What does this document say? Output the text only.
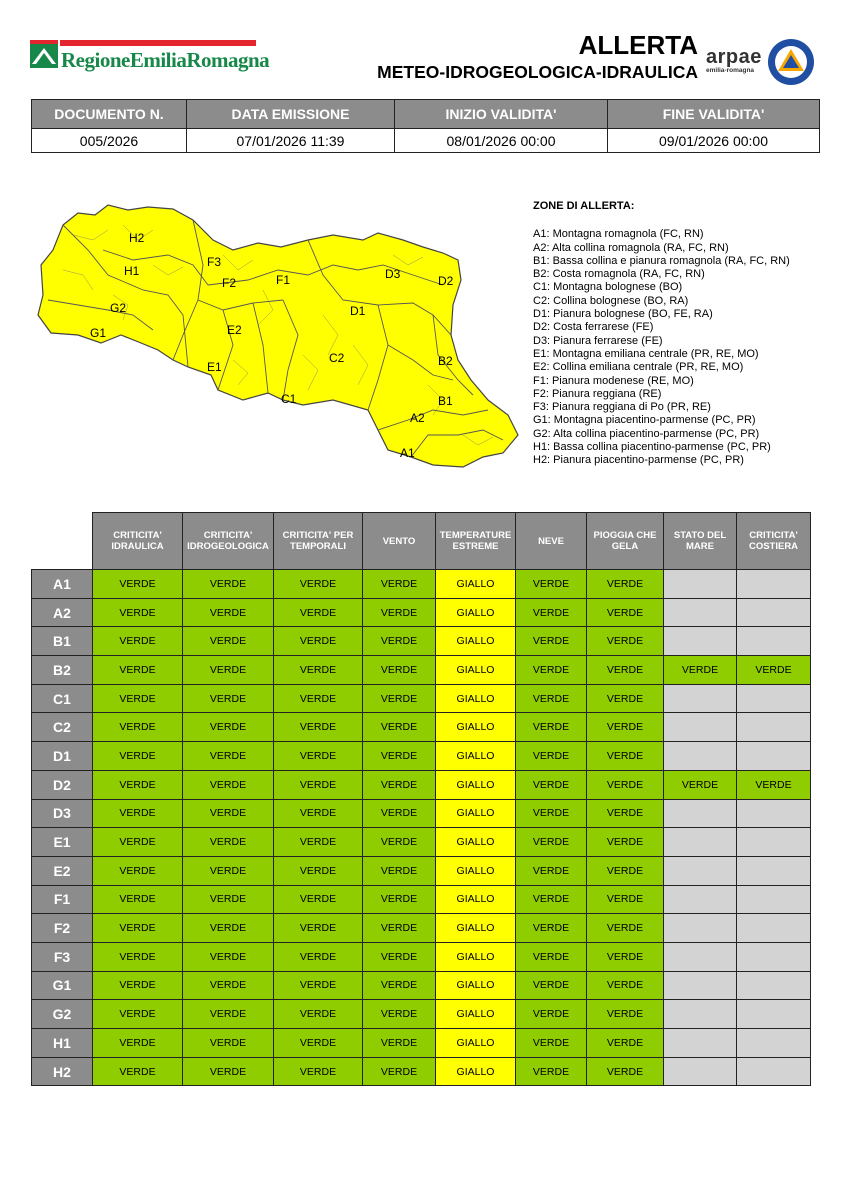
RegioneEmiliaRomagna	ALLERTA
METEO-IDROGEOLOGICA-IDRAULICA
arpae
emilia-romagna
DOCUMENTO N.	DATA EMISSIONE	INIZIO VALIDITA'	FINE VALIDITA'
005/2026	07/01/2026 11:39	08/01/2026 00:00	09/01/2026 00:00
H2
H1
G2
G1
F3
F2	F1
E2
E1
D3	D2
D1
C2
C1
B2
B1
A2
A1
ZONE DI ALLERTA:
A1: Montagna romagnola (FC, RN)
A2: Alta collina romagnola (RA, FC, RN)
B1: Bassa collina e pianura romagnola (RA, FC, RN)
B2: Costa romagnola (RA, FC, RN)
C1: Montagna bolognese (BO)
C2: Collina bolognese (BO, RA)
D1: Pianura bolognese (BO, FE, RA)
D2: Costa ferrarese (FE)
D3: Pianura ferrarese (FE)
E1: Montagna emiliana centrale (PR, RE, MO)
E2: Collina emiliana centrale (PR, RE, MO)
F1: Pianura modenese (RE, MO)
F2: Pianura reggiana (RE)
F3: Pianura reggiana di Po (PR, RE)
G1: Montagna piacentino-parmense (PC, PR)
G2: Alta collina piacentino-parmense (PC, PR)
H1: Bassa collina piacentino-parmense (PC, PR)
H2: Pianura piacentino-parmense (PC, PR)
	CRITICITA' IDRAULICA	CRITICITA' IDROGEOLOGICA	CRITICITA' PER TEMPORALI	VENTO	TEMPERATURE ESTREME	NEVE	PIOGGIA CHE GELA	STATO DEL MARE	CRITICITA' COSTIERA
A1	VERDE	VERDE	VERDE	VERDE	GIALLO	VERDE	VERDE		
A2	VERDE	VERDE	VERDE	VERDE	GIALLO	VERDE	VERDE		
B1	VERDE	VERDE	VERDE	VERDE	GIALLO	VERDE	VERDE		
B2	VERDE	VERDE	VERDE	VERDE	GIALLO	VERDE	VERDE	VERDE	VERDE
C1	VERDE	VERDE	VERDE	VERDE	GIALLO	VERDE	VERDE		
C2	VERDE	VERDE	VERDE	VERDE	GIALLO	VERDE	VERDE		
D1	VERDE	VERDE	VERDE	VERDE	GIALLO	VERDE	VERDE		
D2	VERDE	VERDE	VERDE	VERDE	GIALLO	VERDE	VERDE	VERDE	VERDE
D3	VERDE	VERDE	VERDE	VERDE	GIALLO	VERDE	VERDE		
E1	VERDE	VERDE	VERDE	VERDE	GIALLO	VERDE	VERDE		
E2	VERDE	VERDE	VERDE	VERDE	GIALLO	VERDE	VERDE		
F1	VERDE	VERDE	VERDE	VERDE	GIALLO	VERDE	VERDE		
F2	VERDE	VERDE	VERDE	VERDE	GIALLO	VERDE	VERDE		
F3	VERDE	VERDE	VERDE	VERDE	GIALLO	VERDE	VERDE		
G1	VERDE	VERDE	VERDE	VERDE	GIALLO	VERDE	VERDE		
G2	VERDE	VERDE	VERDE	VERDE	GIALLO	VERDE	VERDE		
H1	VERDE	VERDE	VERDE	VERDE	GIALLO	VERDE	VERDE		
H2	VERDE	VERDE	VERDE	VERDE	GIALLO	VERDE	VERDE		
